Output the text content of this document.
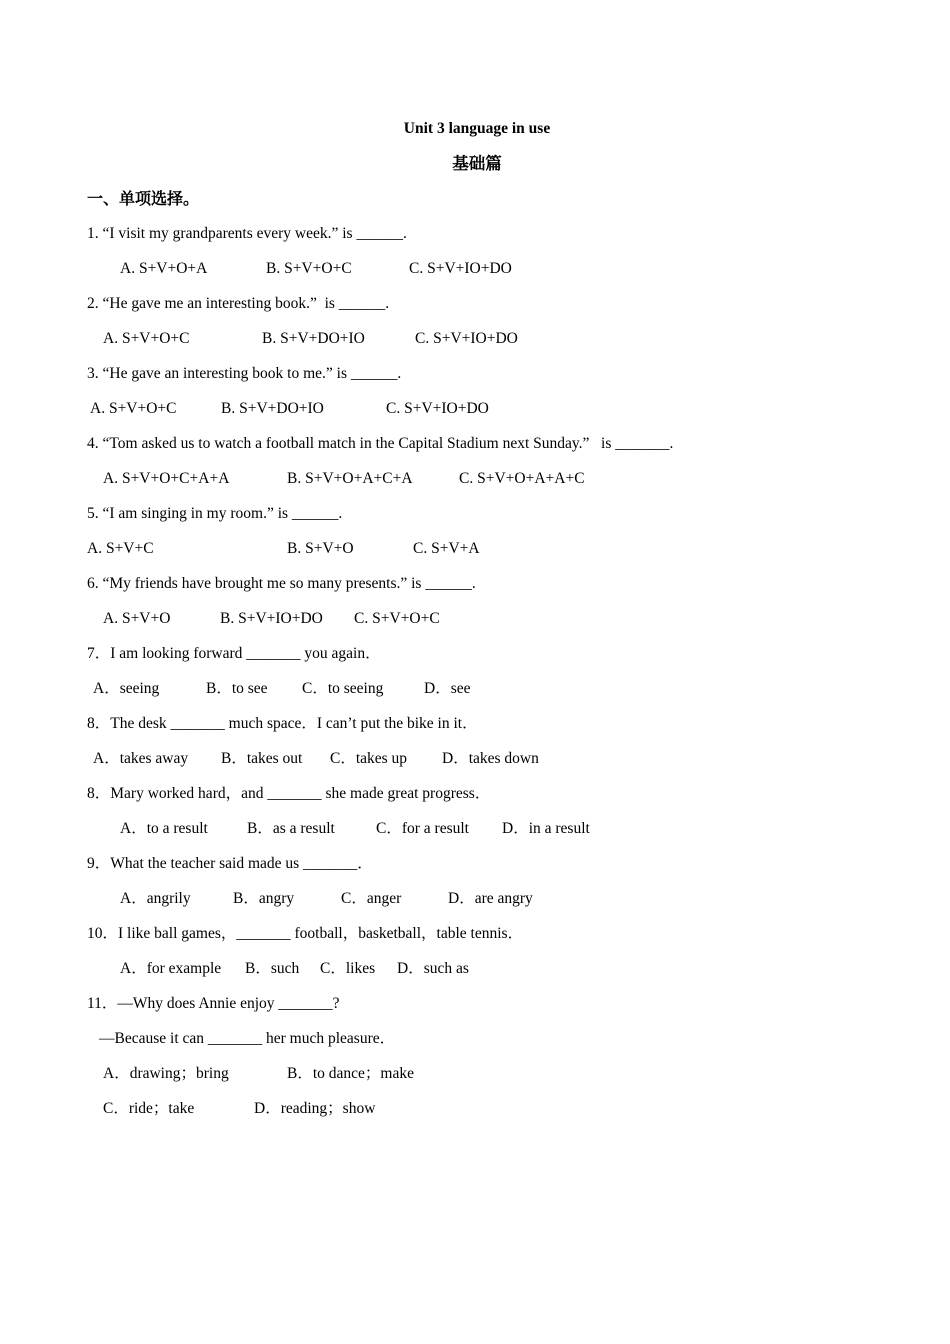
Unit 3 language in use
基础篇
一、单项选择。
1. “I visit my grandparents every week.” is ______.
A. S+V+O+A	B. S+V+O+C	C. S+V+IO+DO
2. “He gave me an interesting book.”  is ______.
A. S+V+O+C	B. S+V+DO+IO	C. S+V+IO+DO
3. “He gave an interesting book to me.” is ______.
A. S+V+O+C	B. S+V+DO+IO	C. S+V+IO+DO
4. “Tom asked us to watch a football match in the Capital Stadium next Sunday.”   is _______.
A. S+V+O+C+A+A	B. S+V+O+A+C+A	C. S+V+O+A+A+C
5. “I am singing in my room.” is ______.
A. S+V+C	B. S+V+O	C. S+V+A
6. “My friends have brought me so many presents.” is ______.
A. S+V+O	B. S+V+IO+DO C. S+V+O+C
7．I am looking forward _______ you again．
A．seeing	B．to see C．to seeing	D．see
8．The desk _______ much space．I can’t put the bike in it．
A．takes away B．takes out C．takes up D．takes down
8．Mary worked hard，and _______ she made great progress．
A．to a result	B．as a result	C．for a result D．in a result
9．What the teacher said made us _______．
A．angrily	B．angry	C．anger	D．are angry
10．I like ball games，_______ football，basketball，table tennis．
A．for example B．such C．likes D．such as
11．—Why does Annie enjoy _______?
—Because it can _______ her much pleasure．
A．drawing；bring	B．to dance；make
C．ride；take	D．reading；show
